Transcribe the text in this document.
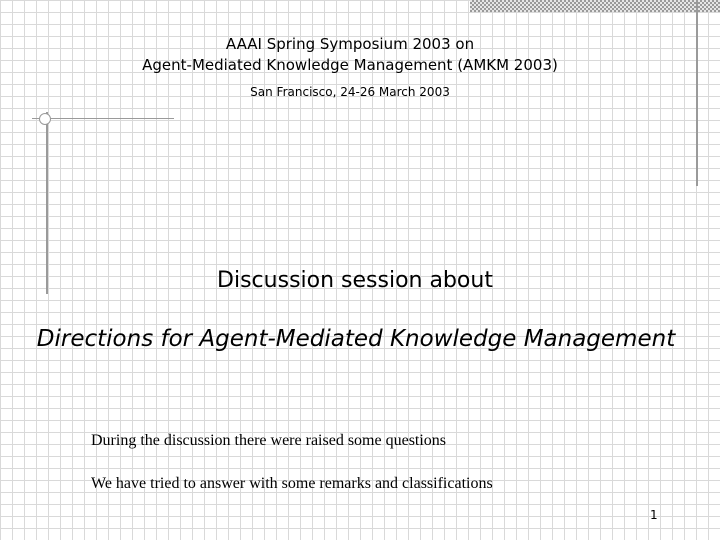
AAAI Spring Symposium 2003 on
Agent-Mediated Knowledge Management (AMKM 2003)
San Francisco, 24-26 March 2003
Discussion session about
Directions for Agent-Mediated Knowledge Management
During the discussion there were raised some questions
We have tried to answer with some remarks and classifications
1
